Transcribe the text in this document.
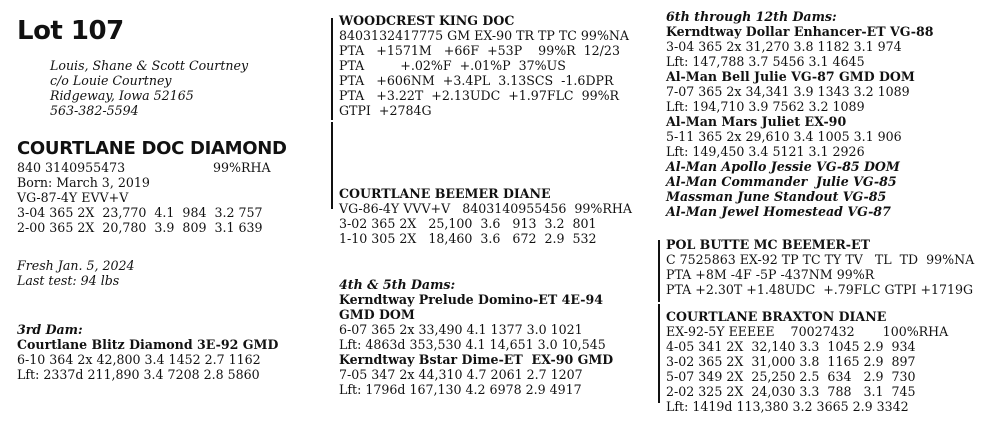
Lot 107
Louis, Shane & Scott Courtney
c/o Louie Courtney
Ridgeway, Iowa 52165
563-382-5594
COURTLANE DOC DIAMOND
840 3140955473	99%RHA
Born: March 3, 2019
VG-87-4Y EVV+V
3-04 365 2X  23,770  4.1  984  3.2 757
2-00 365 2X  20,780  3.9  809  3.1 639
Fresh Jan. 5, 2024
Last test: 94 lbs
3rd Dam:
Courtlane Blitz Diamond 3E-92 GMD
6-10 364 2x 42,800 3.4 1452 2.7 1162
Lft: 2337d 211,890 3.4 7208 2.8 5860
WOODCREST KING DOC
8403132417775 GM EX-90 TR TP TC 99%NA
PTA   +1571M   +66F  +53P    99%R  12/23
PTA         +.02%F  +.01%P  37%US
PTA   +606NM  +3.4PL  3.13SCS  -1.6DPR
PTA   +3.22T  +2.13UDC  +1.97FLC  99%R
GTPI  +2784G
COURTLANE BEEMER DIANE
VG-86-4Y VVV+V   8403140955456  99%RHA
3-02 365 2X   25,100  3.6   913  3.2  801
1-10 305 2X   18,460  3.6   672  2.9  532
4th & 5th Dams:
Kerndtway Prelude Domino-ET 4E-94
GMD DOM
6-07 365 2x 33,490 4.1 1377 3.0 1021
Lft: 4863d 353,530 4.1 14,651 3.0 10,545
Kerndtway Bstar Dime-ET  EX-90 GMD
7-05 347 2x 44,310 4.7 2061 2.7 1207
Lft: 1796d 167,130 4.2 6978 2.9 4917
6th through 12th Dams:
Kerndtway Dollar Enhancer-ET VG-88
3-04 365 2x 31,270 3.8 1182 3.1 974
Lft: 147,788 3.7 5456 3.1 4645
Al-Man Bell Julie VG-87 GMD DOM
7-07 365 2x 34,341 3.9 1343 3.2 1089
Lft: 194,710 3.9 7562 3.2 1089
Al-Man Mars Juliet EX-90
5-11 365 2x 29,610 3.4 1005 3.1 906
Lft: 149,450 3.4 5121 3.1 2926
Al-Man Apollo Jessie VG-85 DOM
Al-Man Commander  Julie VG-85
Massman June Standout VG-85
Al-Man Jewel Homestead VG-87
POL BUTTE MC BEEMER-ET
C 7525863 EX-92 TP TC TY TV   TL  TD  99%NA
PTA +8M -4F -5P -437NM 99%R
PTA +2.30T +1.48UDC  +.79FLC GTPI +1719G
COURTLANE BRAXTON DIANE
EX-92-5Y EEEEE    70027432       100%RHA
4-05 341 2X  32,140 3.3  1045 2.9  934
3-02 365 2X  31,000 3.8  1165 2.9  897
5-07 349 2X  25,250 2.5  634   2.9  730
2-02 325 2X  24,030 3.3  788   3.1  745
Lft: 1419d 113,380 3.2 3665 2.9 3342
